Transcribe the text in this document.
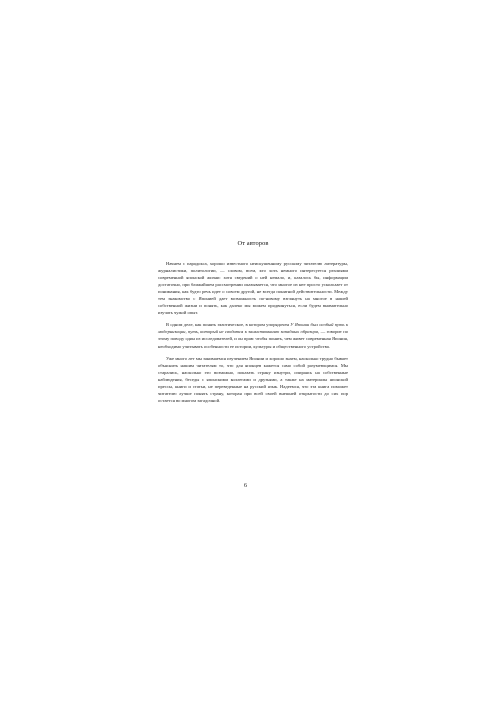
От авторов

Начнем с парадокса, хорошо известного неискушенному русскому читателю литературы, журналистики, политологии, — словом, всем, кто хоть немного интересуется реалиями современной японской жизни: хотя сведений о ней немало, и, казалось бы, информации достаточно, при ближайшем рассмотрении оказывается, что многое из нее просто ускользает от понимания, как будто речь идет о совсем другой, не всегда понятной действительности. Между тем знакомство с Японией дает возможность по-новому взглянуть на многое в нашей собственной жизни и понять, как далеко мы можем продвинуться, если будем внимательно изучать чужой опыт.

В одном деле, как понять экзотическое, в котором упорядочен У Японии был особый путь к модернизации, путь, который не сводится к заимствованию западных образцов, — говорит по этому поводу один из исследователей, и он прав: чтобы понять, чем живет современная Япония, необходимо учитывать особенности ее истории, культуры и общественного устройства.

Уже много лет мы занимаемся изучением Японии и хорошо знаем, насколько трудно бывает объяснить нашим читателям то, что для японцев кажется само собой разумеющимся. Мы старались, насколько это возможно, показать страну изнутри, опираясь на собственные наблюдения, беседы с японскими коллегами и друзьями, а также на материалы японской прессы, книги и статьи, не переведенные на русский язык. Надеемся, что эта книга поможет читателю лучше понять страну, которая при всей своей внешней открытости до сих пор остается во многом загадочной.

6
